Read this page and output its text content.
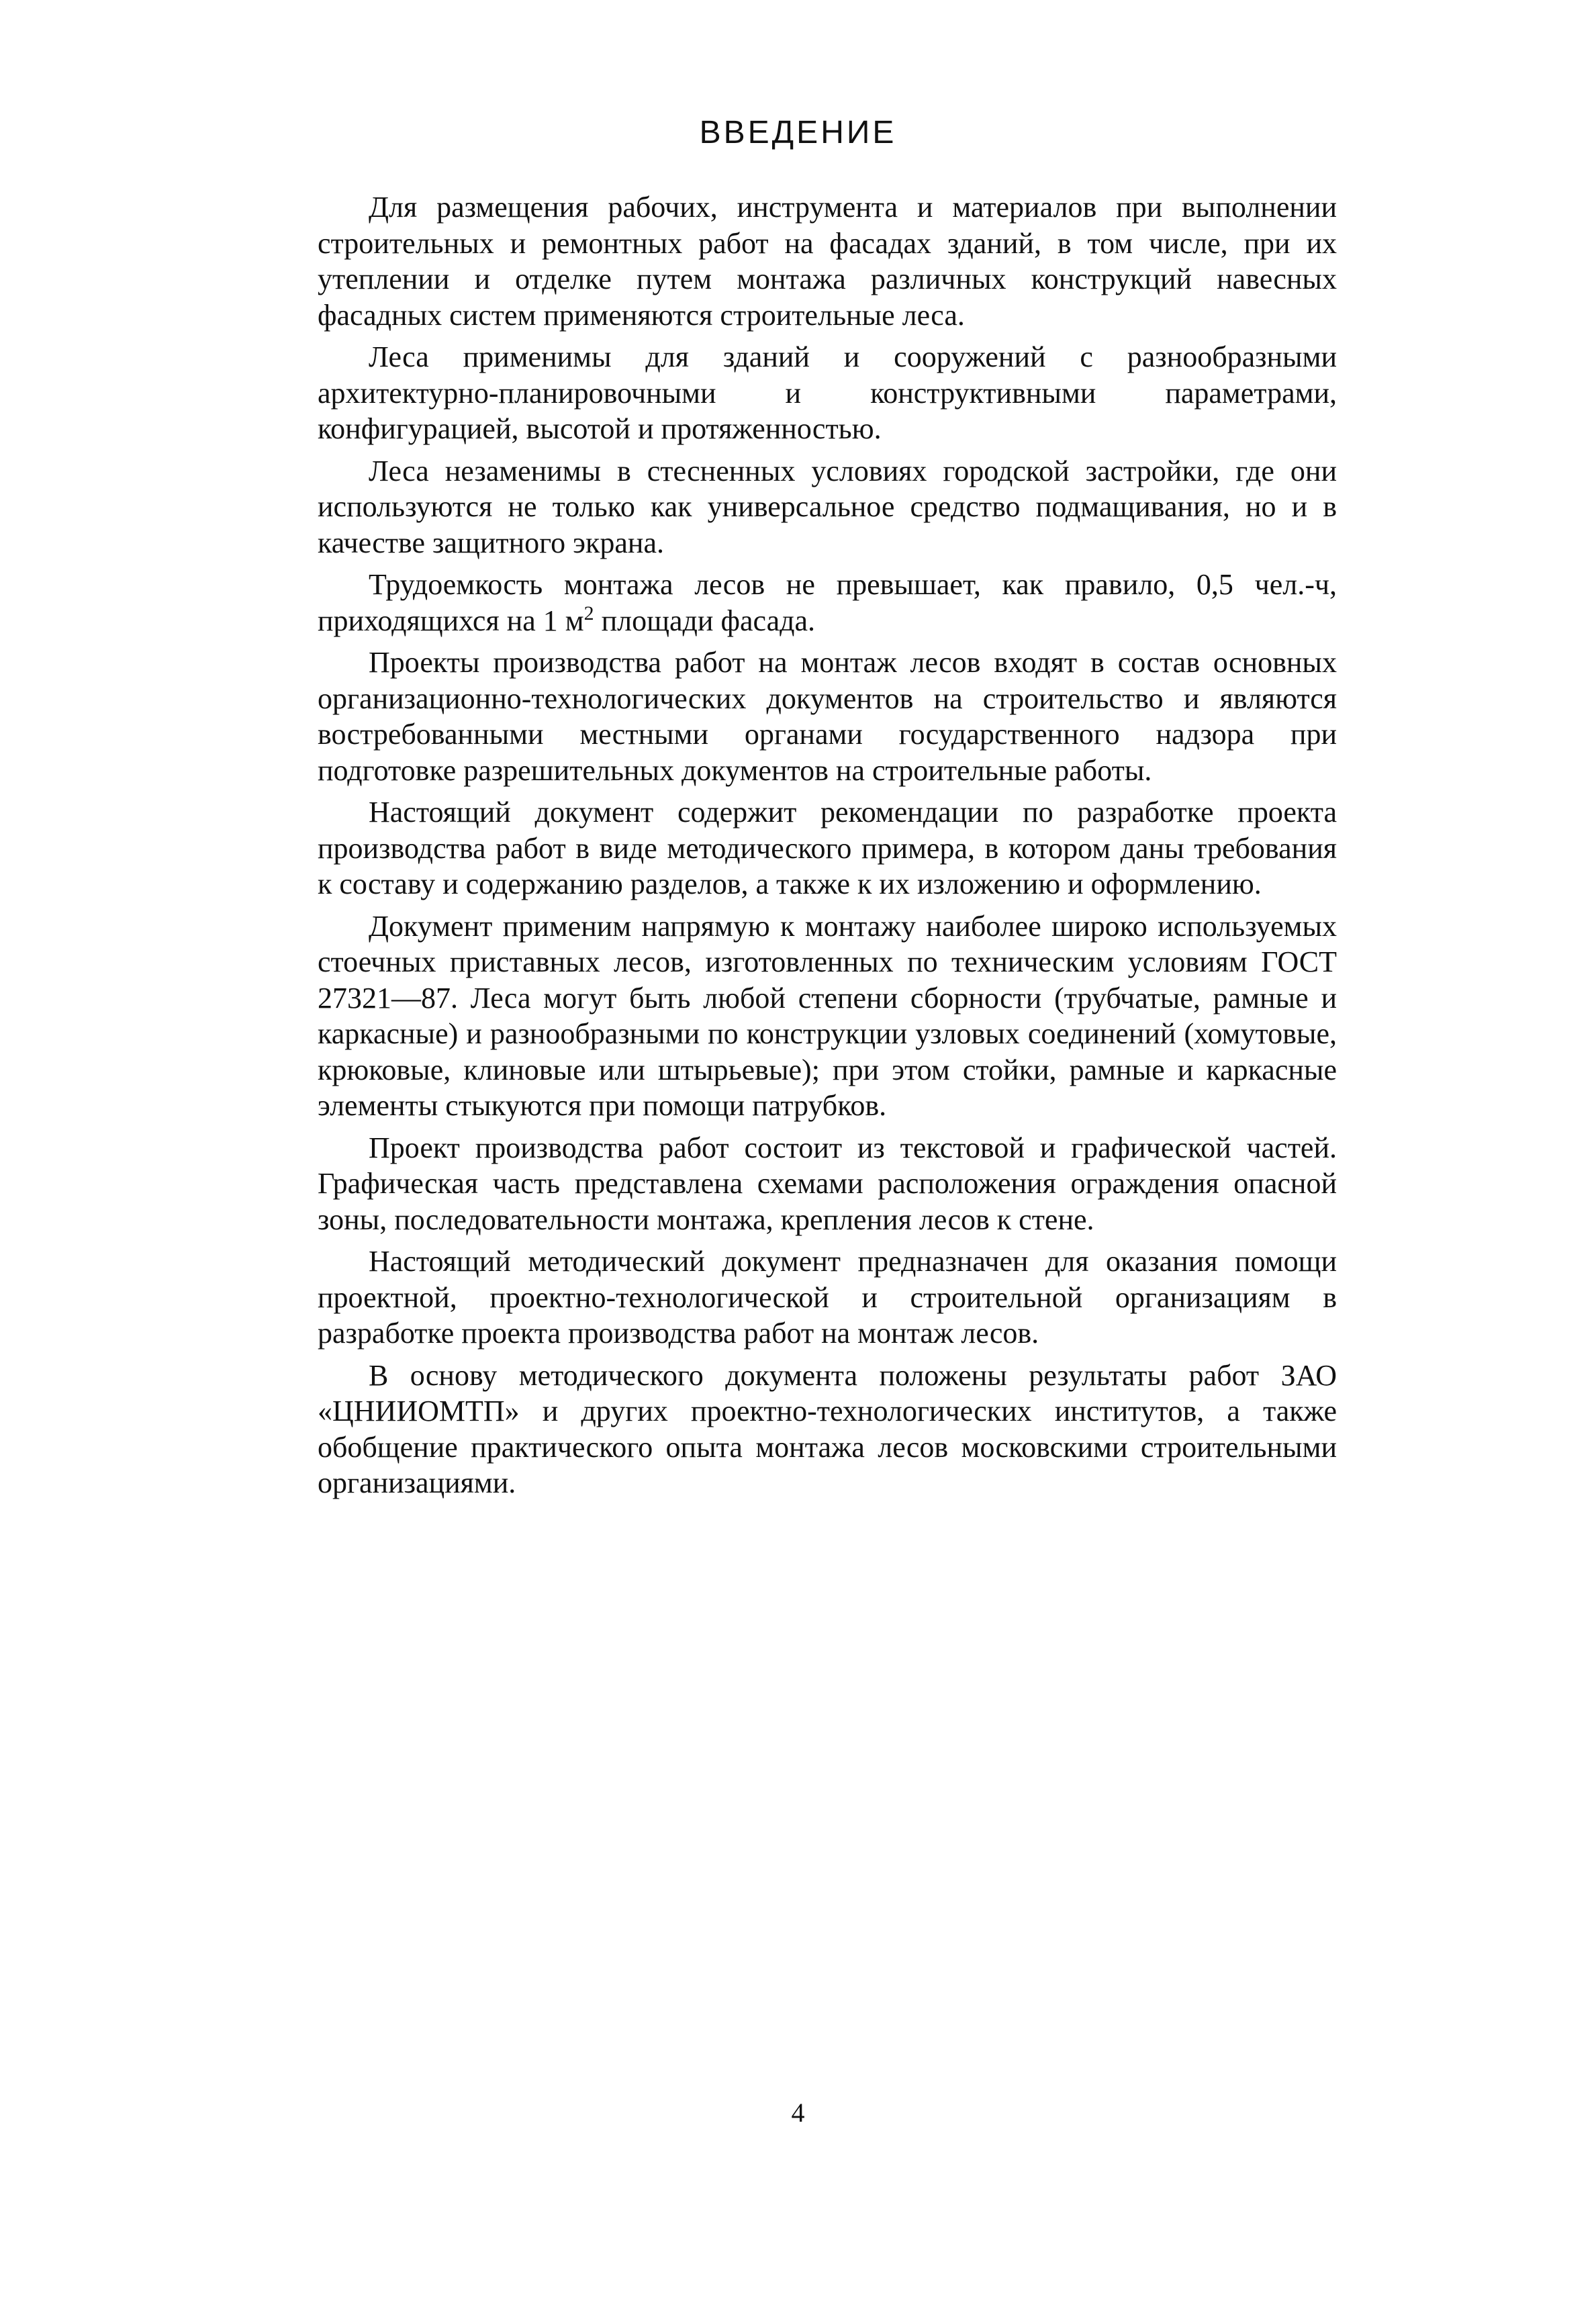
ВВЕДЕНИЕ

Для размещения рабочих, инструмента и материалов при выполнении строительных и ремонтных работ на фасадах зданий, в том числе, при их утеплении и отделке путем монтажа различных конструкций навесных фасадных систем применяются строительные леса.

Леса применимы для зданий и сооружений с разнообразными архитектурно-планировочными и конструктивными параметрами, конфигурацией, высотой и протяженностью.

Леса незаменимы в стесненных условиях городской застройки, где они используются не только как универсальное средство подмащивания, но и в качестве защитного экрана.

Трудоемкость монтажа лесов не превышает, как правило, 0,5 чел.-ч, приходящихся на 1 $м^2$ площади фасада.

Проекты производства работ на монтаж лесов входят в состав основных организационно-технологических документов на строительство и являются востребованными местными органами государственного надзора при подготовке разрешительных документов на строительные работы.

Настоящий документ содержит рекомендации по разработке проекта производства работ в виде методического примера, в котором даны требования к составу и содержанию разделов, а также к их изложению и оформлению.

Документ применим напрямую к монтажу наиболее широко используемых стоечных приставных лесов, изготовленных по техническим условиям ГОСТ 27321—87. Леса могут быть любой степени сборности (трубчатые, рамные и каркасные) и разнообразными по конструкции узловых соединений (хомутовые, крюковые, клиновые или штырьевые); при этом стойки, рамные и каркасные элементы стыкуются при помощи патрубков.

Проект производства работ состоит из текстовой и графической частей. Графическая часть представлена схемами расположения ограждения опасной зоны, последовательности монтажа, крепления лесов к стене.

Настоящий методический документ предназначен для оказания помощи проектной, проектно-технологической и строительной организациям в разработке проекта производства работ на монтаж лесов.

В основу методического документа положены результаты работ ЗАО «ЦНИИОМТП» и других проектно-технологических институтов, а также обобщение практического опыта монтажа лесов московскими строительными организациями.

4
